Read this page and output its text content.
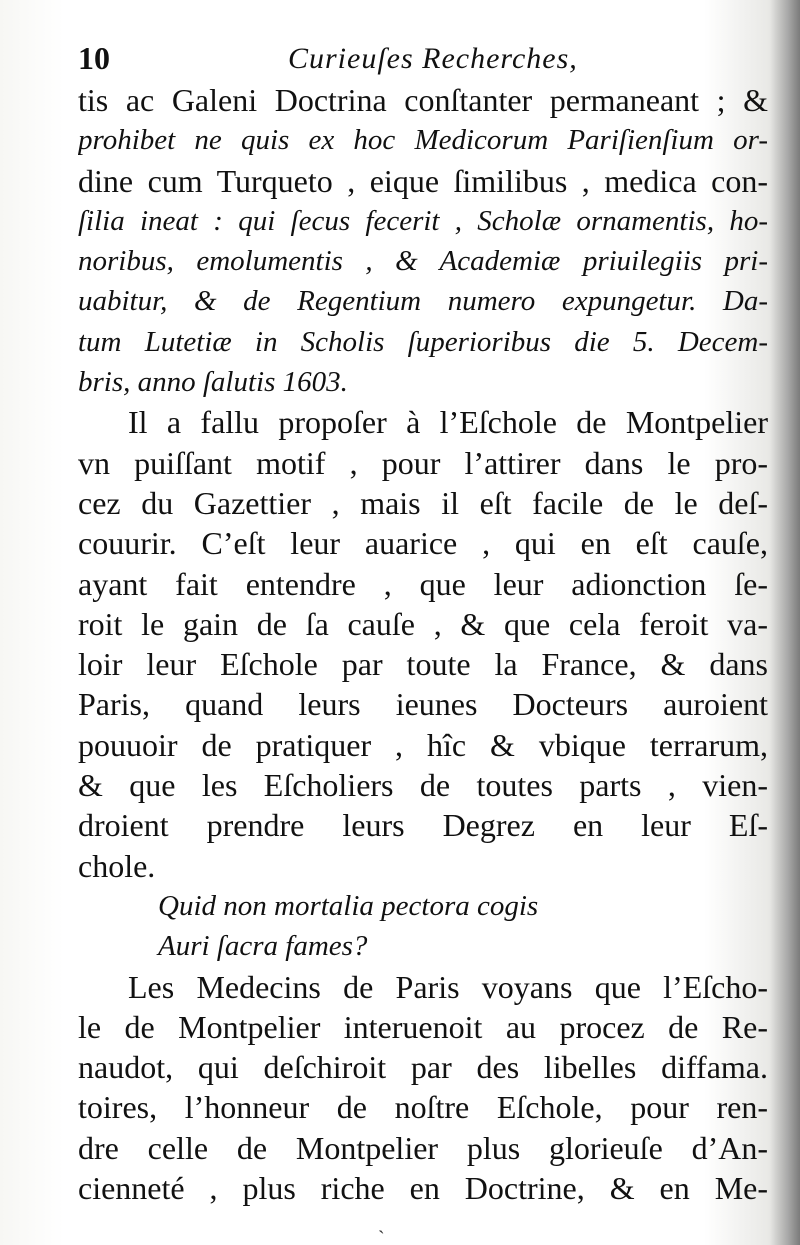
10	Curieuſes Recherches,
tis ac Galeni Doctrina conſtanter permaneant ; &
prohibet ne quis ex hoc Medicorum Pariſienſium or-
dine cum Turqueto , eique ſimilibus , medica con-
ſilia ineat : qui ſecus fecerit , Scholæ ornamentis, ho-
noribus, emolumentis , & Academiæ priuilegiis pri-
uabitur, & de Regentium numero expungetur. Da-
tum Lutetiæ in Scholis ſuperioribus die 5. Decem-
bris, anno ſalutis 1603.
Il a fallu propoſer à l’Eſchole de Montpelier
vn puiſſant motif , pour l’attirer dans le pro-
cez du Gazettier , mais il eſt facile de le deſ-
couurir. C’eſt leur auarice , qui en eſt cauſe,
ayant fait entendre , que leur adionction ſe-
roit le gain de ſa cauſe , & que cela feroit va-
loir leur Eſchole par toute la France, & dans
Paris, quand leurs ieunes Docteurs auroient
pouuoir de pratiquer , hîc & vbique terrarum,
& que les Eſcholiers de toutes parts , vien-
droient prendre leurs Degrez en leur Eſ-
chole.
Quid non mortalia pectora cogis
Auri ſacra fames?
Les Medecins de Paris voyans que l’Eſcho-
le de Montpelier interuenoit au procez de Re-
naudot, qui deſchiroit par des libelles diffama.
toires, l’honneur de noſtre Eſchole, pour ren-
dre celle de Montpelier plus glorieuſe d’An-
cienneté , plus riche en Doctrine, & en Me-
ˎ
